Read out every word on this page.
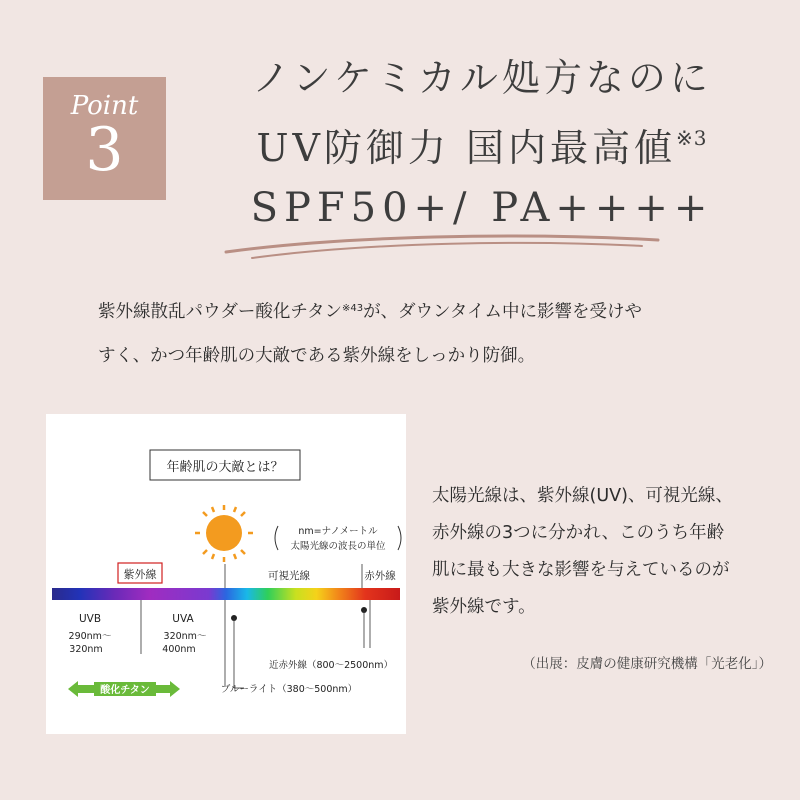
Point
3
ノンケミカル処方なのに
UV防御力 国内最高値$^{※3}$
SPF50+/ PA++++
紫外線散乱パウダー酸化チタン$^{※43}$が、ダウンタイム中に影響を受けや
すく、かつ年齢肌の大敵である紫外線をしっかり防御。
年齢肌の大敵とは？
nm=ナノメートル
太陽光線の波長の単位
紫外線	可視光線	赤外線
UVB
290nm〜
320nm
UVA
320nm〜
400nm
近赤外線（800〜2500nm）
ブルーライト（380〜500nm）
酸化チタン
太陽光線は、紫外線(UV)、可視光線、
赤外線の3つに分かれ、このうち年齢
肌に最も大きな影響を与えているのが
紫外線です。
（出展：皮膚の健康研究機構「光老化」）
